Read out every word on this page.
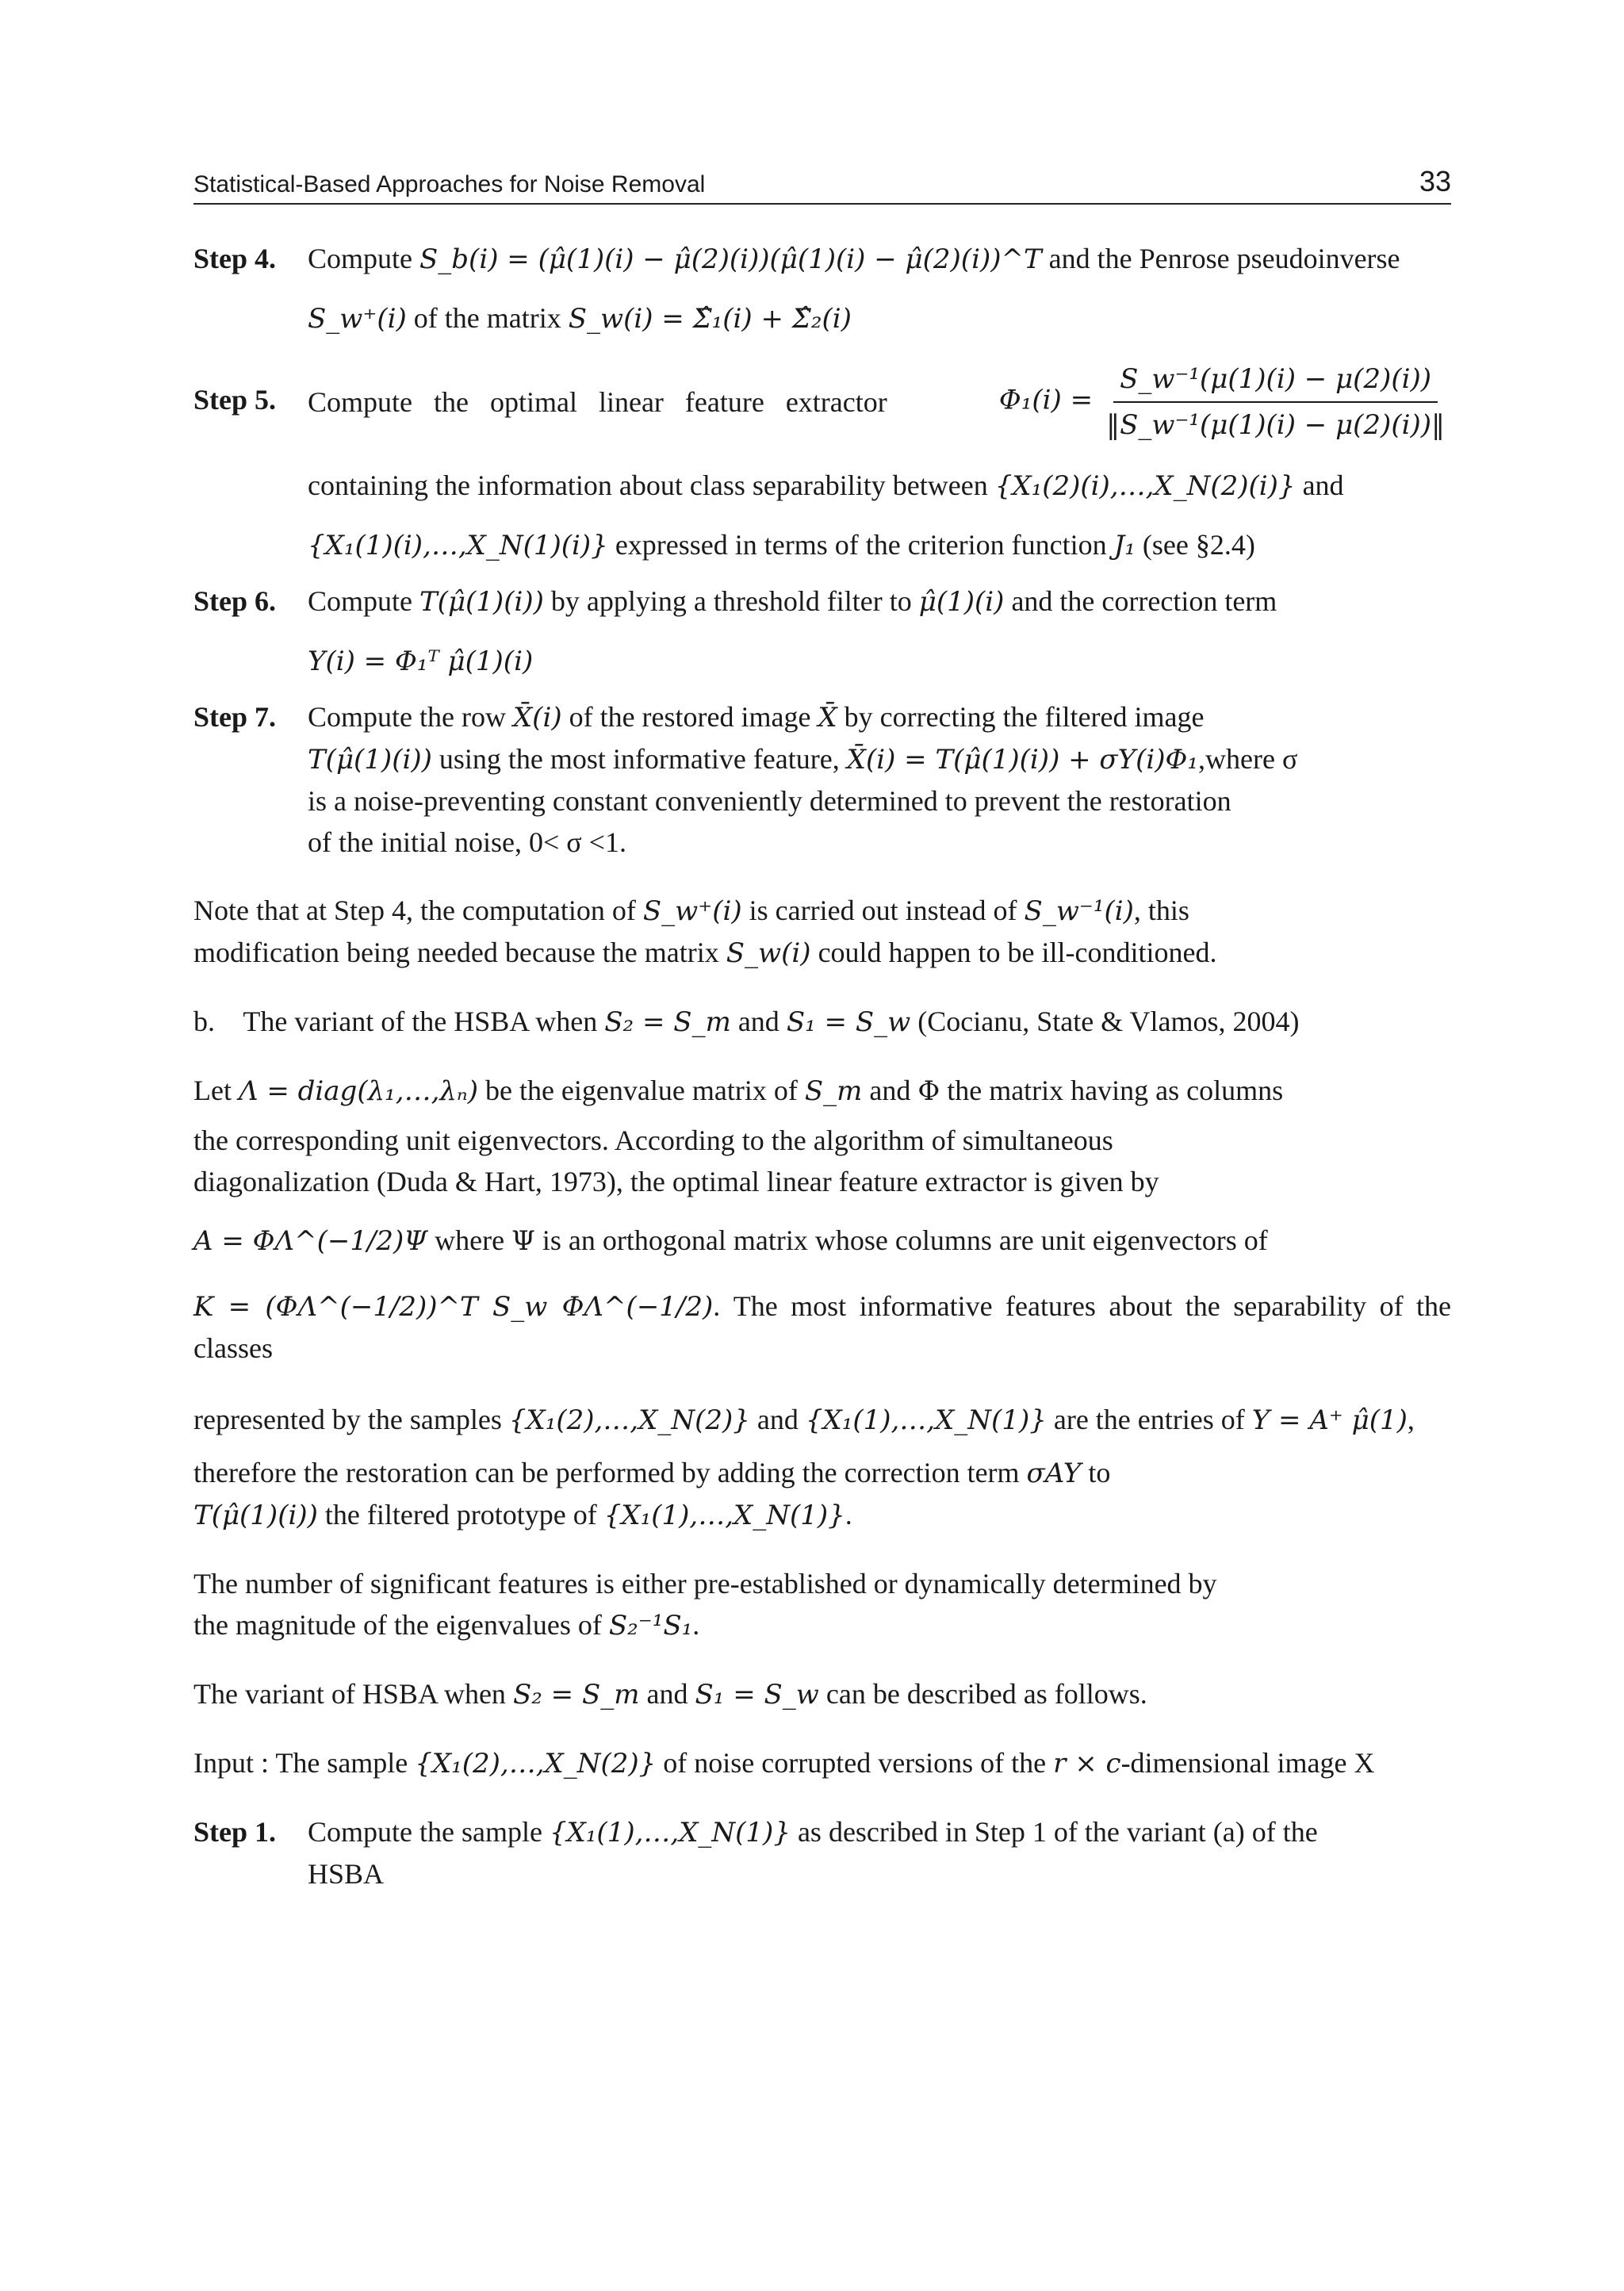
Statistical-Based Approaches for Noise Removal	33
Step 4.	Compute S_b(i) = (μ̂(1)(i) − μ̂(2)(i))(μ̂(1)(i) − μ̂(2)(i))^T and the Penrose pseudoinverse
S_w⁺(i) of the matrix S_w(i) = Σ̂₁(i) + Σ̂₂(i)
Step 5.	Compute the optimal linear feature extractor	$\Phi_1(i) = \frac{\text{S\_w⁻¹(μ(1)(i) − μ(2)(i))}}{\text{‖S\_w⁻¹(μ(1)(i) − μ(2)(i))‖}}$
containing the information about class separability between {X₁(2)(i),…,X_N(2)(i)} and
{X₁(1)(i),…,X_N(1)(i)} expressed in terms of the criterion function J₁ (see §2.4)
Step 6.	Compute T(μ̂(1)(i)) by applying a threshold filter to μ̂(1)(i) and the correction term
Y(i) = Φ₁ᵀ μ̂(1)(i)
Step 7.	Compute the row X̄(i) of the restored image X̄ by correcting the filtered image
T(μ̂(1)(i)) using the most informative feature, X̄(i) = T(μ̂(1)(i)) + σY(i)Φ₁,where σ
is a noise-preventing constant conveniently determined to prevent the restoration
of the initial noise, 0< σ <1.
Note that at Step 4, the computation of S_w⁺(i) is carried out instead of S_w⁻¹(i), this
modification being needed because the matrix S_w(i) could happen to be ill-conditioned.
b. The variant of the HSBA when S₂ = S_m and S₁ = S_w (Cocianu, State & Vlamos, 2004)
Let Λ = diag(λ₁,…,λₙ) be the eigenvalue matrix of S_m and Φ the matrix having as columns
the corresponding unit eigenvectors. According to the algorithm of simultaneous
diagonalization (Duda & Hart, 1973), the optimal linear feature extractor is given by
A = ΦΛ^(−1/2)Ψ where Ψ is an orthogonal matrix whose columns are unit eigenvectors of
K = (ΦΛ^(−1/2))^T S_w ΦΛ^(−1/2). The most informative features about the separability of the classes
represented by the samples {X₁(2),…,X_N(2)} and {X₁(1),…,X_N(1)} are the entries of Y = A⁺ μ̂(1),
therefore the restoration can be performed by adding the correction term σAY to
T(μ̂(1)(i)) the filtered prototype of {X₁(1),…,X_N(1)}.
The number of significant features is either pre-established or dynamically determined by
the magnitude of the eigenvalues of S₂⁻¹S₁.
The variant of HSBA when S₂ = S_m and S₁ = S_w can be described as follows.
Input : The sample {X₁(2),…,X_N(2)} of noise corrupted versions of the r × c-dimensional image X
Step 1.	Compute the sample {X₁(1),…,X_N(1)} as described in Step 1 of the variant (a) of the
HSBA
